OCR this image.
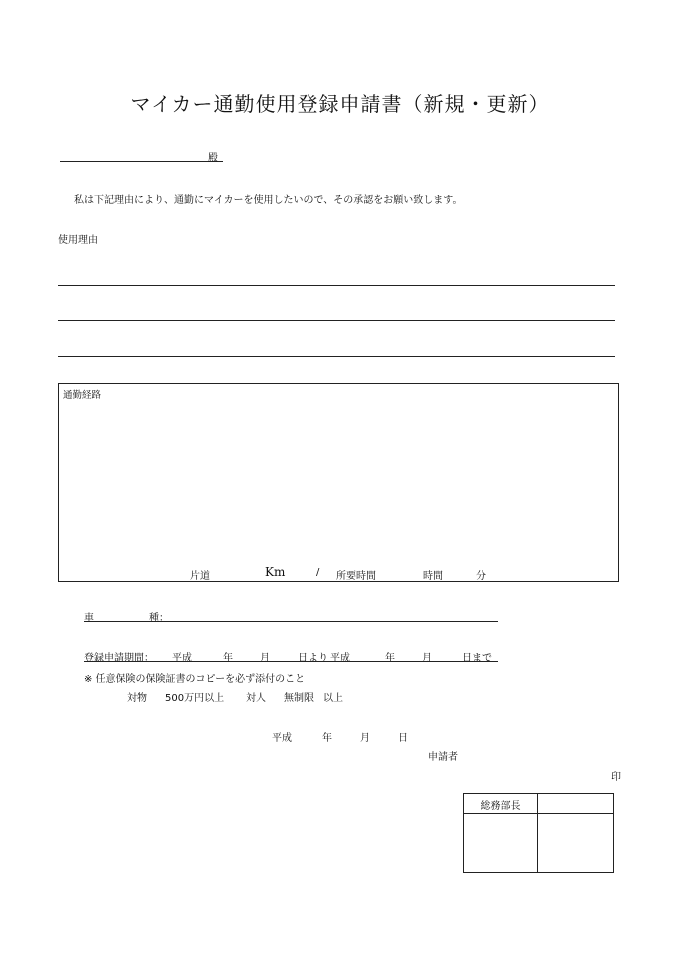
マイカー通勤使用登録申請書（新規・更新）
殿
私は下記理由により、通勤にマイカーを使用したいので、その承認をお願い致します。
使用理由
通勤経路
片道	Km	/ 所要時間	時間	分
車	種：
登録申請期間： 平成	年	月	日より 平成	年	月	日まで
※ 任意保険の保険証書のコピーを必ず添付のこと
対物 500万円以上 対人 無制限 以上
平成	年	月	日
申請者
印
総務部長
